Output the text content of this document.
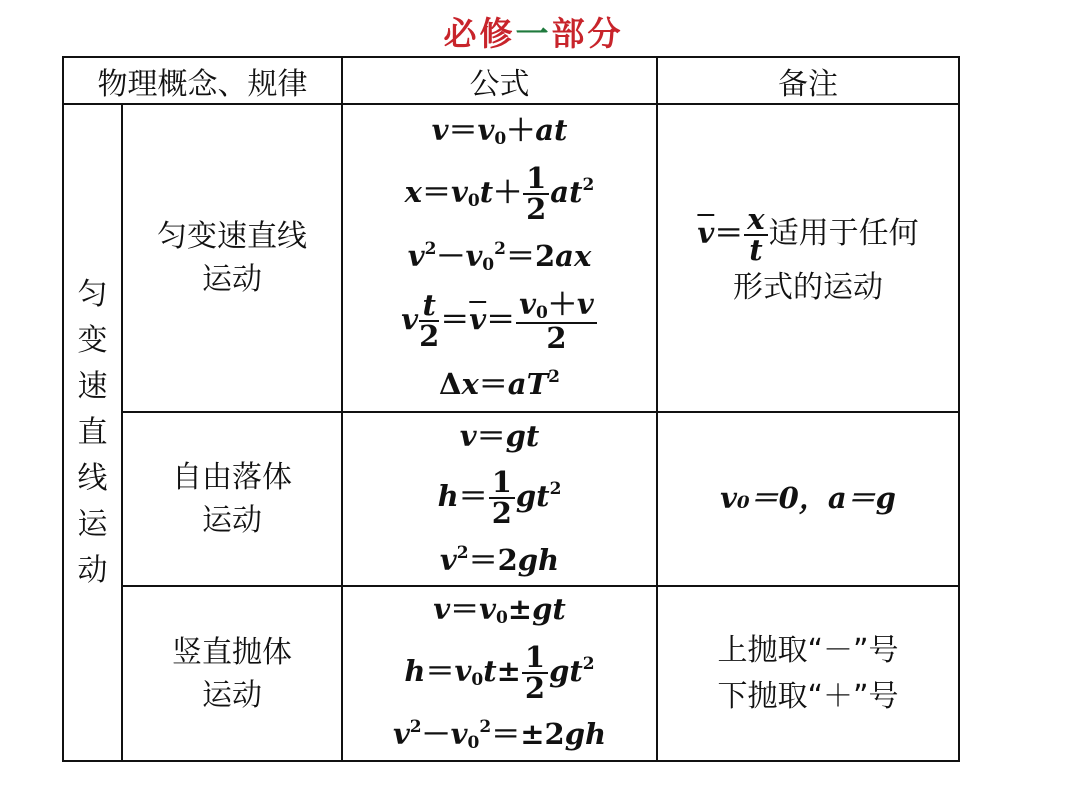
必修一部分
物理概念、规律	公式	备注
匀变速直线运动
匀变速直线运动
$v=v_0+at$
$x=v_0t+ \frac{1}{2} at^2$
$v^2-v_0^2=2ax$
v $\frac{t}{2} =\overline{v}= \frac{v_0+v}{2}$
$\Delta x=aT^2$
$\overline{v}= \frac{x}{t}$ 适用于任何
形式的运动
自由落体运动
v＝gt
$h= \frac{1}{2} gt^2$
$v^2=2gh$
v₀＝0，a＝g
竖直抛体运动
$v=v_0\pm gt$
$h=v_0t\pm \frac{1}{2} gt^2$
$v^2-v_0^2=\pm 2gh$
上抛取“－”号
下抛取“＋”号
